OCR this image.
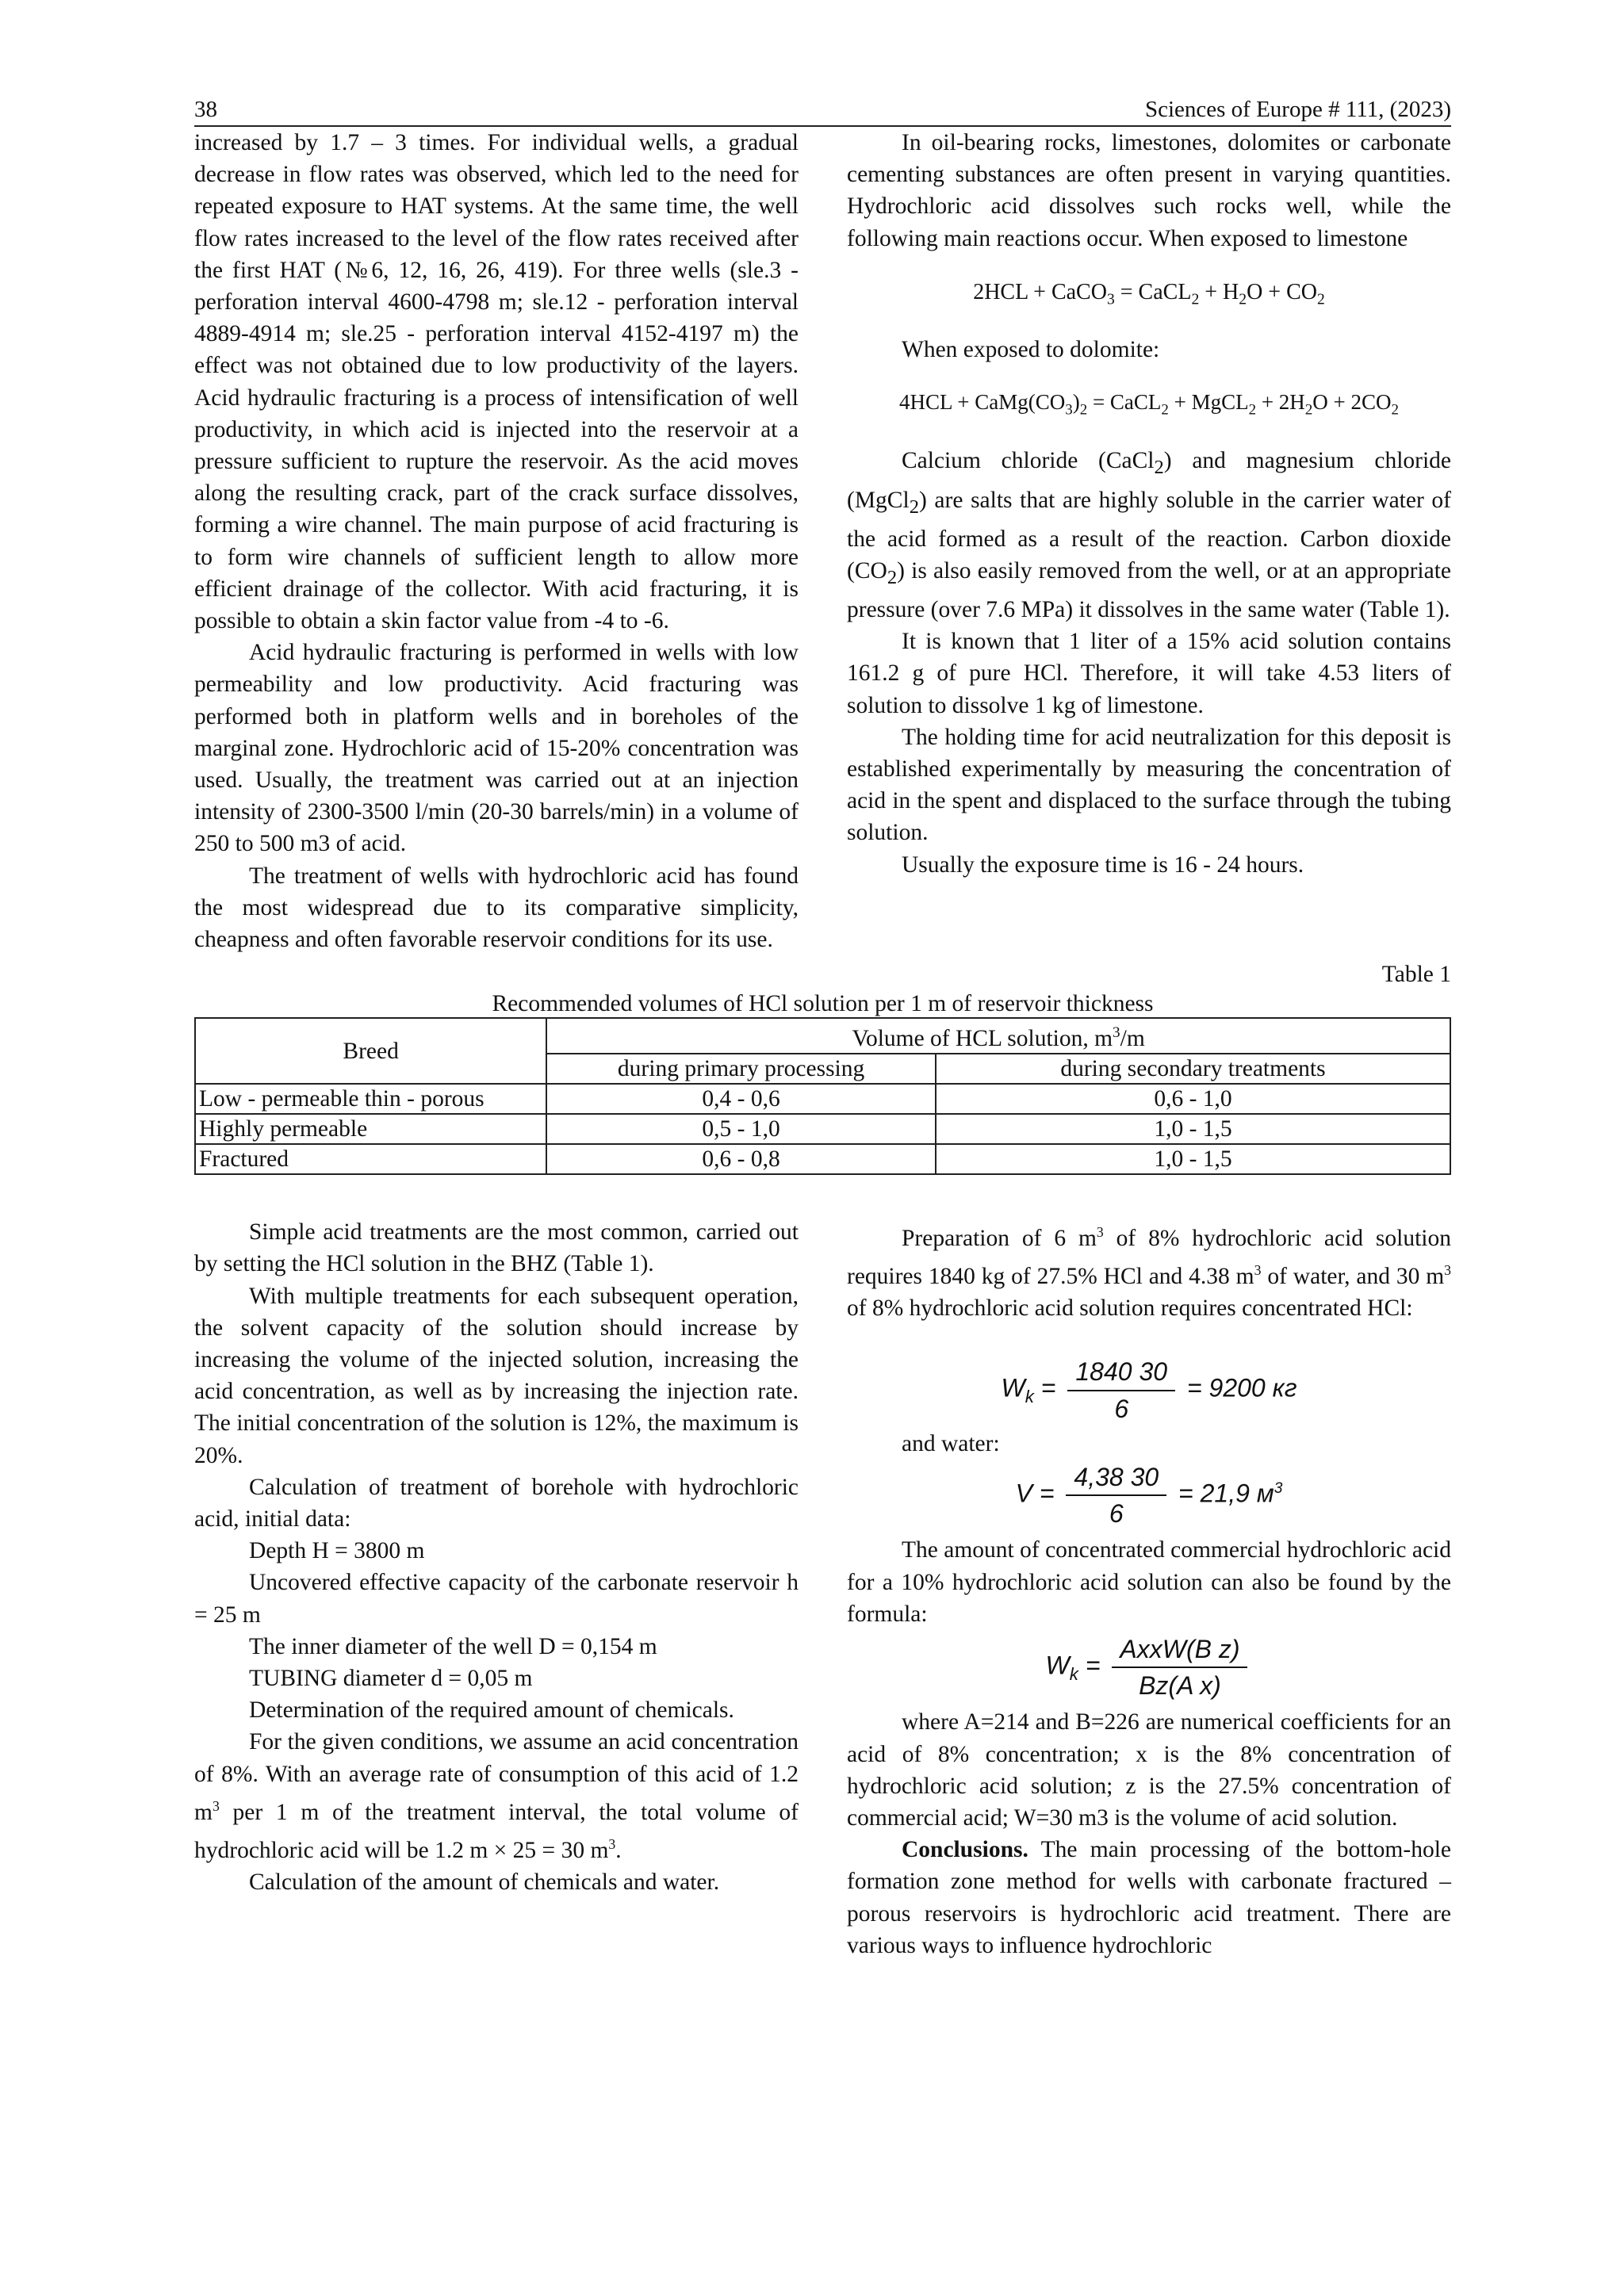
38	Sciences of Europe # 111, (2023)

increased by 1.7 – 3 times. For individual wells, a gradual decrease in flow rates was observed, which led to the need for repeated exposure to HAT systems. At the same time, the well flow rates increased to the level of the flow rates received after the first HAT (№6, 12, 16, 26, 419). For three wells (sle.3 - perforation interval 4600-4798 m; sle.12 - perforation interval 4889-4914 m; sle.25 - perforation interval 4152-4197 m) the effect was not obtained due to low productivity of the layers. Acid hydraulic fracturing is a process of intensification of well productivity, in which acid is injected into the reservoir at a pressure sufficient to rupture the reservoir. As the acid moves along the resulting crack, part of the crack surface dissolves, forming a wire channel. The main purpose of acid fracturing is to form wire channels of sufficient length to allow more efficient drainage of the collector. With acid fracturing, it is possible to obtain a skin factor value from -4 to -6.

Acid hydraulic fracturing is performed in wells with low permeability and low productivity. Acid fracturing was performed both in platform wells and in boreholes of the marginal zone. Hydrochloric acid of 15-20% concentration was used. Usually, the treatment was carried out at an injection intensity of 2300-3500 l/min (20-30 barrels/min) in a volume of 250 to 500 m3 of acid.

The treatment of wells with hydrochloric acid has found the most widespread due to its comparative simplicity, cheapness and often favorable reservoir conditions for its use.

In oil-bearing rocks, limestones, dolomites or carbonate cementing substances are often present in varying quantities. Hydrochloric acid dissolves such rocks well, while the following main reactions occur. When exposed to limestone

2HCL + CaCO$_3$ = CaCL$_2$ + $H_2O + CO_2$

When exposed to dolomite:

$4HCL + CaMg(CO_3)_2$ = CaCL$_2$ + MgCL$_2$ + $2H_2O + 2CO_2$

Calcium chloride (CaCl$_2$) and magnesium chloride (MgCl$_2$) are salts that are highly soluble in the carrier water of the acid formed as a result of the reaction. Carbon dioxide $(CO_2)$ is also easily removed from the well, or at an appropriate pressure (over 7.6 MPa) it dissolves in the same water (Table 1).

It is known that 1 liter of a 15% acid solution contains 161.2 g of pure HCl. Therefore, it will take 4.53 liters of solution to dissolve 1 kg of limestone.

The holding time for acid neutralization for this deposit is established experimentally by measuring the concentration of acid in the spent and displaced to the surface through the tubing solution.

Usually the exposure time is 16 - 24 hours.

Table 1
Recommended volumes of HCl solution per 1 m of reservoir thickness
Breed	Volume of HCL solution, $m^3/m$	
	during primary processing	during secondary treatments
Low - permeable thin - porous	0,4 - 0,6	0,6 - 1,0
Highly permeable	0,5 - 1,0	1,0 - 1,5
Fractured	0,6 - 0,8	1,0 - 1,5

Simple acid treatments are the most common, carried out by setting the HCl solution in the BHZ (Table 1).

With multiple treatments for each subsequent operation, the solvent capacity of the solution should increase by increasing the volume of the injected solution, increasing the acid concentration, as well as by increasing the injection rate. The initial concentration of the solution is 12%, the maximum is 20%.

Calculation of treatment of borehole with hydrochloric acid, initial data:

Depth H = 3800 m

Uncovered effective capacity of the carbonate reservoir h = 25 m

The inner diameter of the well D = 0,154 m

TUBING diameter d = 0,05 m

Determination of the required amount of chemicals.

For the given conditions, we assume an acid concentration of 8%. With an average rate of consumption of this acid of 1.2 $m^3$ per 1 m of the treatment interval, the total volume of hydrochloric acid will be 1.2 m × 25 = 30 $m^3$.

Calculation of the amount of chemicals and water.

Preparation of 6 $m^3$ of 8% hydrochloric acid solution requires 1840 kg of 27.5% HCl and 4.38 $m^3$ of water, and 30 $m^3$ of 8% hydrochloric acid solution requires concentrated HCl:

$W_k = \frac{1840 30}{6} = 9200$ кг

and water:

$V = \frac{4,38 30}{6} = 21,9$ $м^3$

The amount of concentrated commercial hydrochloric acid for a 10% hydrochloric acid solution can also be found by the formula:

$W_k = \frac{\text{AxxW(B z)}}{\text{Bz(A x)}}$

where A=214 and B=226 are numerical coefficients for an acid of 8% concentration; x is the 8% concentration of hydrochloric acid solution; z is the 27.5% concentration of commercial acid; W=30 m3 is the volume of acid solution.

Conclusions. The main processing of the bottom-hole formation zone method for wells with carbonate fractured – porous reservoirs is hydrochloric acid treatment. There are various ways to influence hydrochloric
